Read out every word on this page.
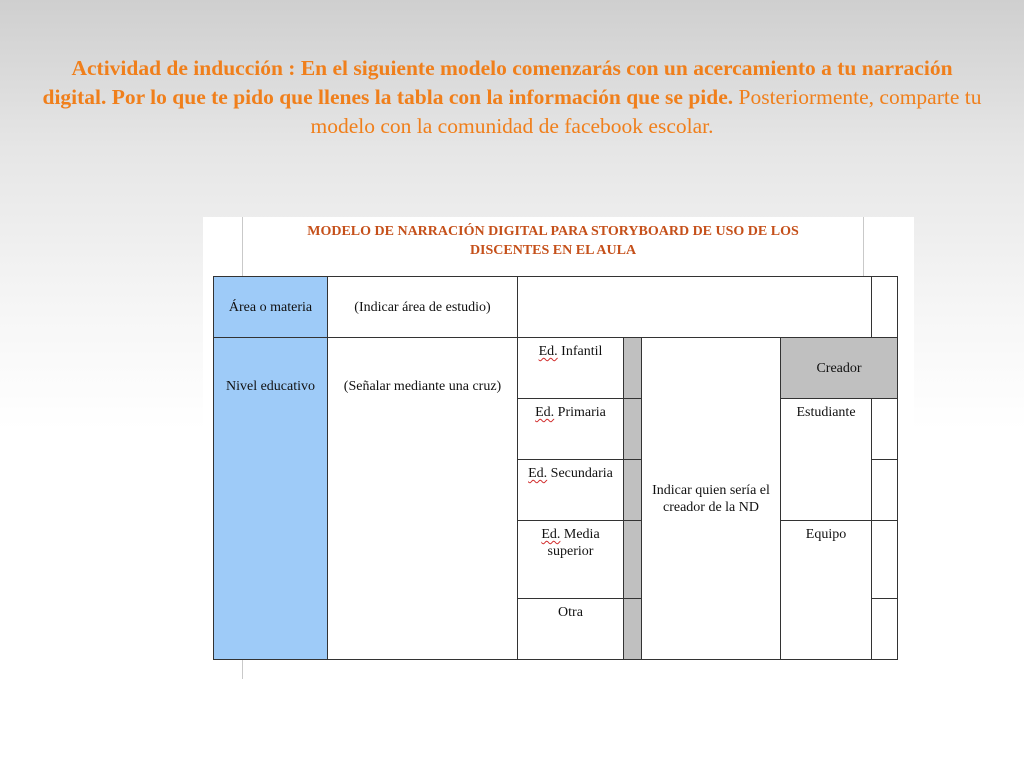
Actividad de inducción : En el siguiente modelo comenzarás con un acercamiento a tu narración digital. Por lo que te pido que llenes la tabla con la información que se pide. Posteriormente, comparte tu modelo con la comunidad de facebook escolar.
MODELO DE NARRACIÓN DIGITAL PARA STORYBOARD DE USO DE LOS
DISCENTES EN EL AULA
Área o materia	(Indicar área de estudio)
Nivel educativo	(Señalar mediante una cruz)
Ed. Infantil
Ed. Primaria
Ed. Secundaria
Ed. Media superior
Otra
Indicar quien sería el creador de la ND
Creador
Estudiante
Equipo
